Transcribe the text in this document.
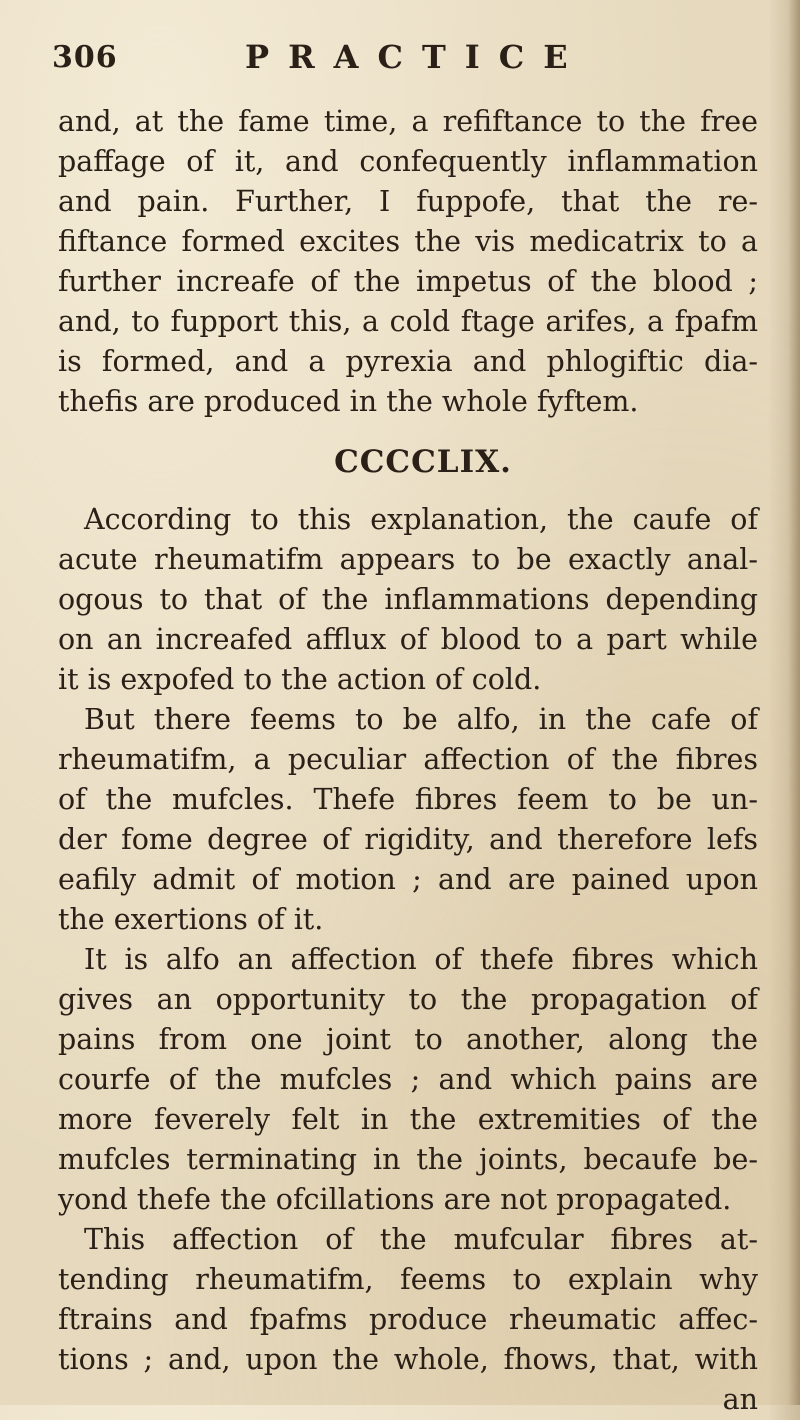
306	PRACTICE
and, at the fame time, a refiftance to the free
paffage of it, and confequently inflammation
and pain. Further, I fuppofe, that the re-
fiftance formed excites the vis medicatrix to a
further increafe of the impetus of the blood ;
and, to fupport this, a cold ftage arifes, a fpafm
is formed, and a pyrexia and phlogiftic dia-
thefis are produced in the whole fyftem.
CCCCLIX.
According to this explanation, the caufe of
acute rheumatifm appears to be exactly anal-
ogous to that of the inflammations depending
on an increafed afflux of blood to a part while
it is expofed to the action of cold.
But there feems to be alfo, in the cafe of
rheumatifm, a peculiar affection of the fibres
of the mufcles. Thefe fibres feem to be un-
der fome degree of rigidity, and therefore lefs
eafily admit of motion ; and are pained upon
the exertions of it.
It is alfo an affection of thefe fibres which
gives an opportunity to the propagation of
pains from one joint to another, along the
courfe of the mufcles ; and which pains are
more feverely felt in the extremities of the
mufcles terminating in the joints, becaufe be-
yond thefe the ofcillations are not propagated.
This affection of the mufcular fibres at-
tending rheumatifm, feems to explain why
ftrains and fpafms produce rheumatic affec-
tions ; and, upon the whole, fhows, that, with
an
